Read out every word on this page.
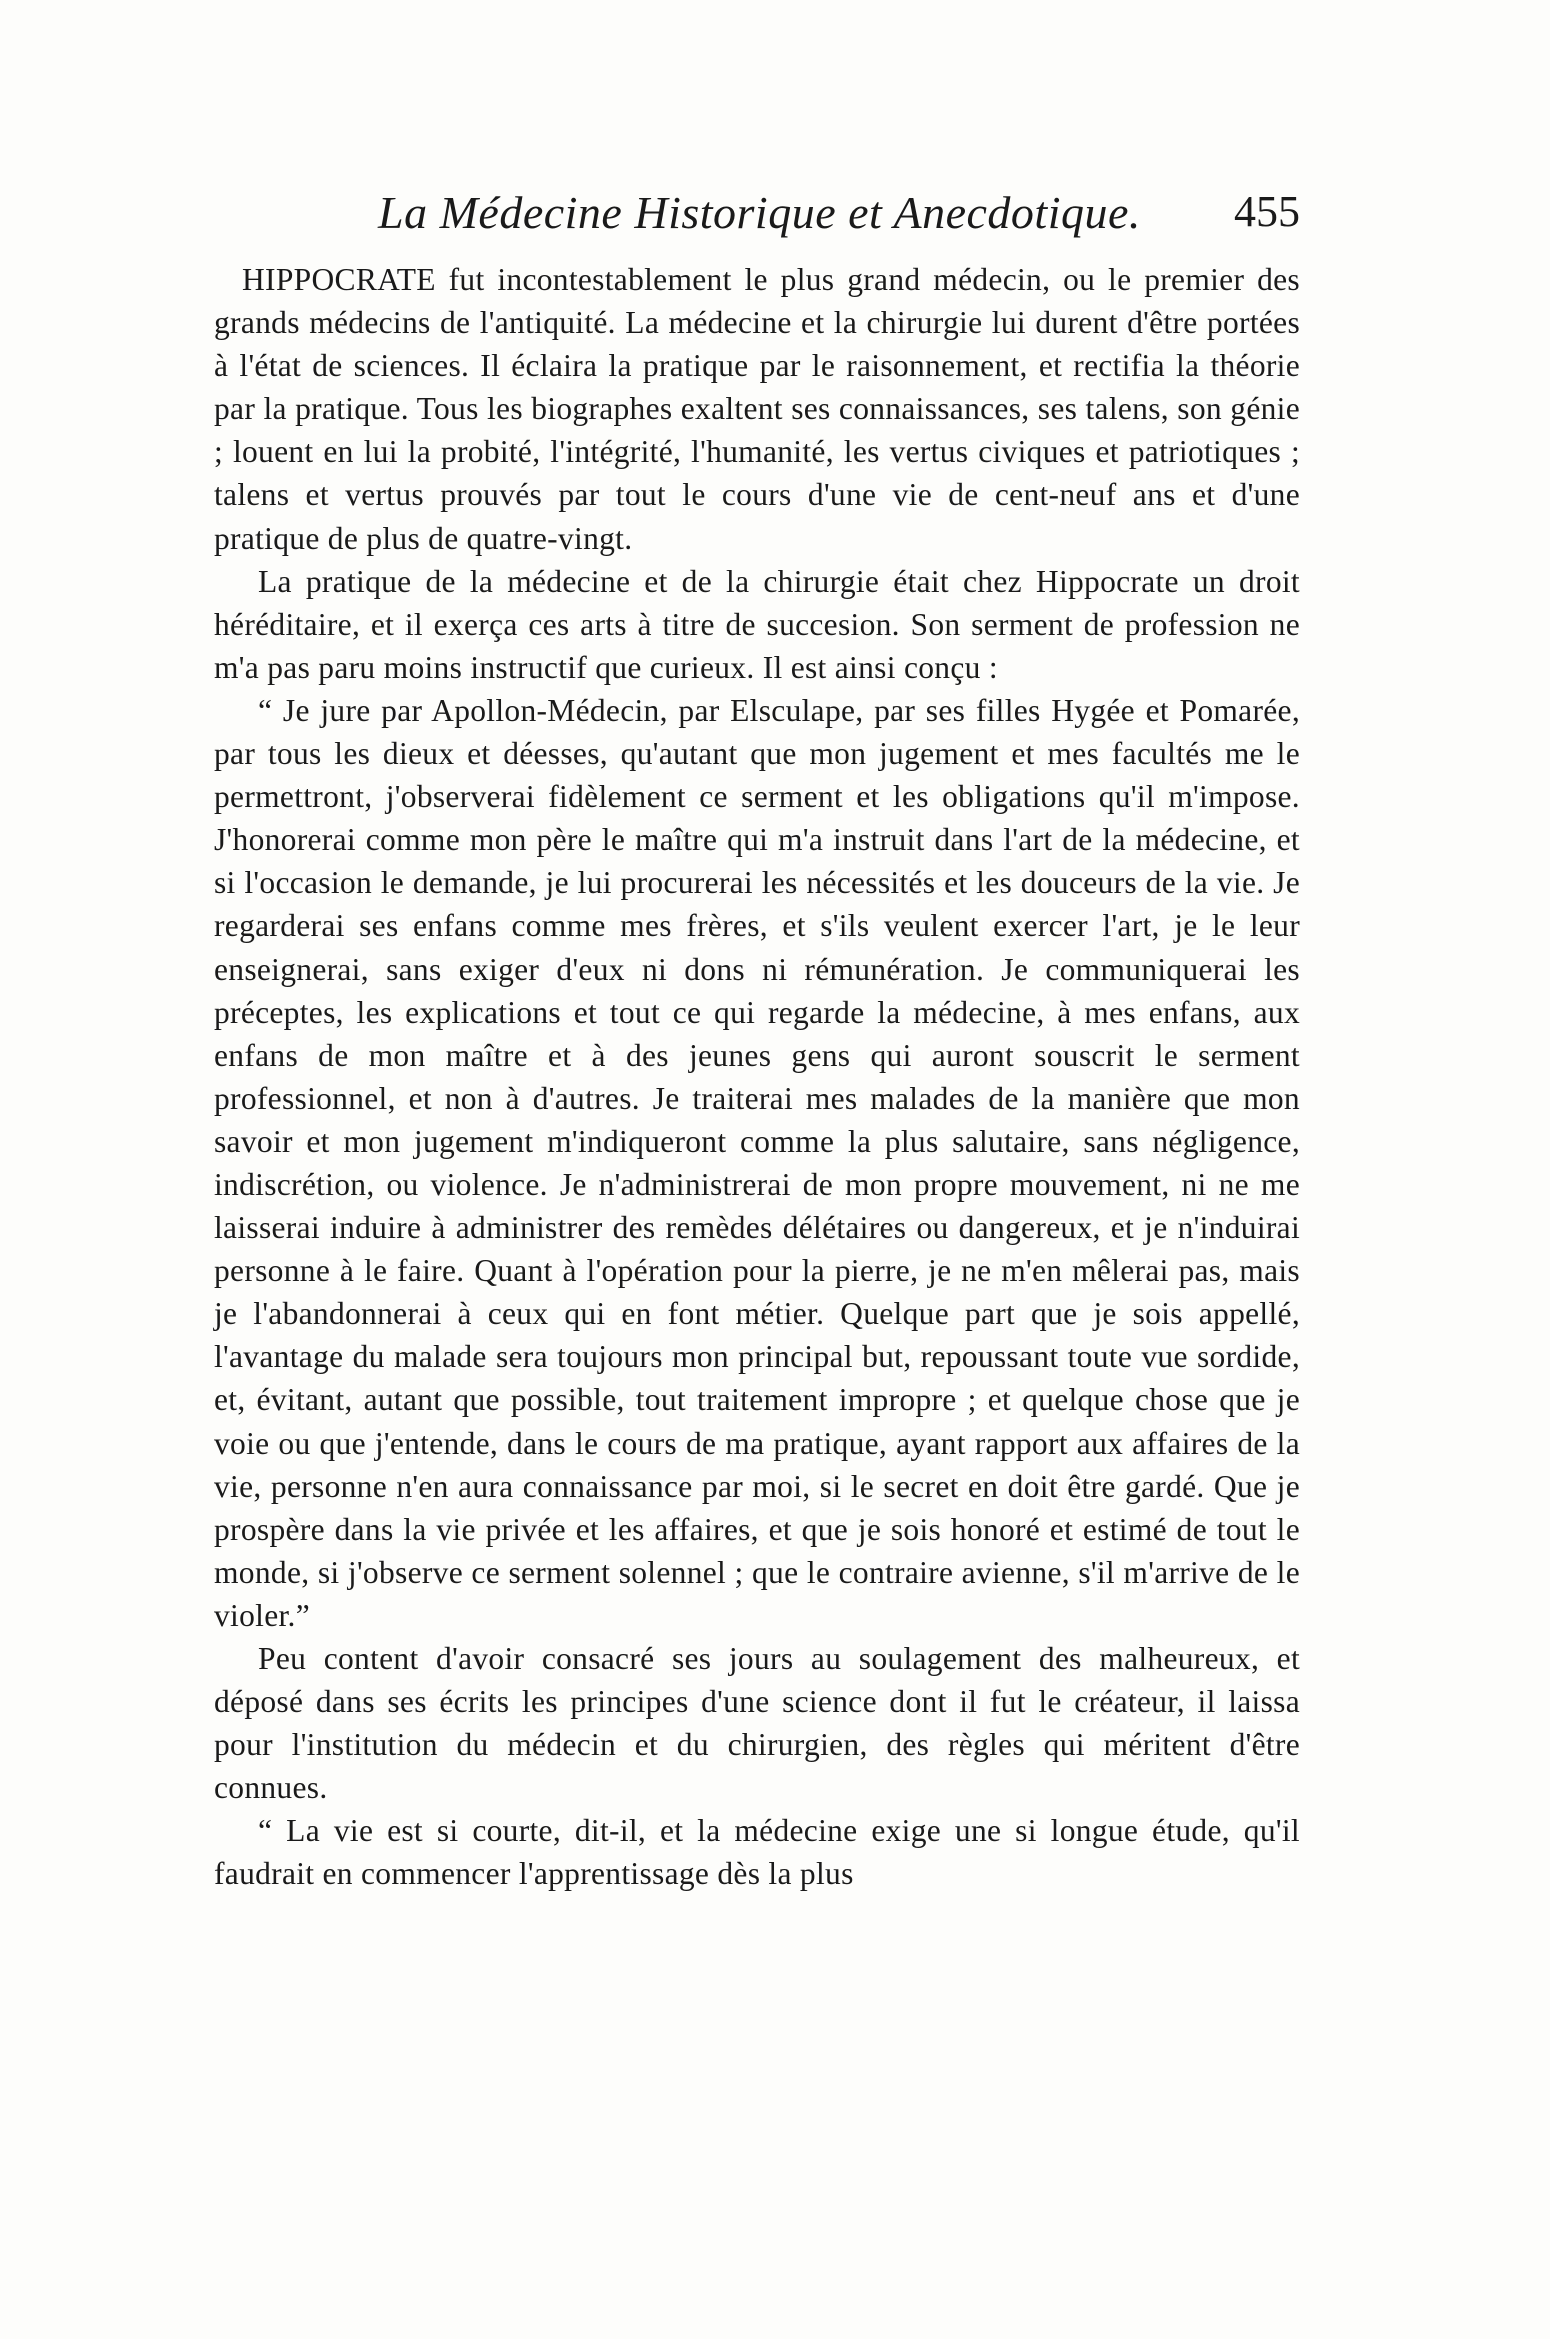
La Médecine Historique et Anecdotique. 455

HIPPOCRATE fut incontestablement le plus grand médecin, ou le premier des grands médecins de l'antiquité. La médecine et la chirurgie lui durent d'être portées à l'état de sciences. Il éclaira la pratique par le raisonnement, et rectifia la théorie par la pratique. Tous les biographes exaltent ses connaissances, ses talens, son génie ; louent en lui la probité, l'intégrité, l'humanité, les vertus civiques et patriotiques ; talens et vertus prouvés par tout le cours d'une vie de cent-neuf ans et d'une pratique de plus de quatre-vingt.

La pratique de la médecine et de la chirurgie était chez Hippocrate un droit héréditaire, et il exerça ces arts à titre de succesion. Son serment de profession ne m'a pas paru moins instructif que curieux. Il est ainsi conçu :

“ Je jure par Apollon-Médecin, par Elsculape, par ses filles Hygée et Pomarée, par tous les dieux et déesses, qu'autant que mon jugement et mes facultés me le permettront, j'observerai fidèlement ce serment et les obligations qu'il m'impose. J'honorerai comme mon père le maître qui m'a instruit dans l'art de la médecine, et si l'occasion le demande, je lui procurerai les nécessités et les douceurs de la vie. Je regarderai ses enfans comme mes frères, et s'ils veulent exercer l'art, je le leur enseignerai, sans exiger d'eux ni dons ni rémunération. Je communiquerai les préceptes, les explications et tout ce qui regarde la médecine, à mes enfans, aux enfans de mon maître et à des jeunes gens qui auront souscrit le serment professionnel, et non à d'autres. Je traiterai mes malades de la manière que mon savoir et mon jugement m'indiqueront comme la plus salutaire, sans négligence, indiscrétion, ou violence. Je n'administrerai de mon propre mouvement, ni ne me laisserai induire à administrer des remèdes délétaires ou dangereux, et je n'induirai personne à le faire. Quant à l'opération pour la pierre, je ne m'en mêlerai pas, mais je l'abandonnerai à ceux qui en font métier. Quelque part que je sois appellé, l'avantage du malade sera toujours mon principal but, repoussant toute vue sordide, et, évitant, autant que possible, tout traitement impropre ; et quelque chose que je voie ou que j'entende, dans le cours de ma pratique, ayant rapport aux affaires de la vie, personne n'en aura connaissance par moi, si le secret en doit être gardé. Que je prospère dans la vie privée et les affaires, et que je sois honoré et estimé de tout le monde, si j'observe ce serment solennel ; que le contraire avienne, s'il m'arrive de le violer.”

Peu content d'avoir consacré ses jours au soulagement des malheureux, et déposé dans ses écrits les principes d'une science dont il fut le créateur, il laissa pour l'institution du médecin et du chirurgien, des règles qui méritent d'être connues.

“ La vie est si courte, dit-il, et la médecine exige une si longue étude, qu'il faudrait en commencer l'apprentissage dès la plus
